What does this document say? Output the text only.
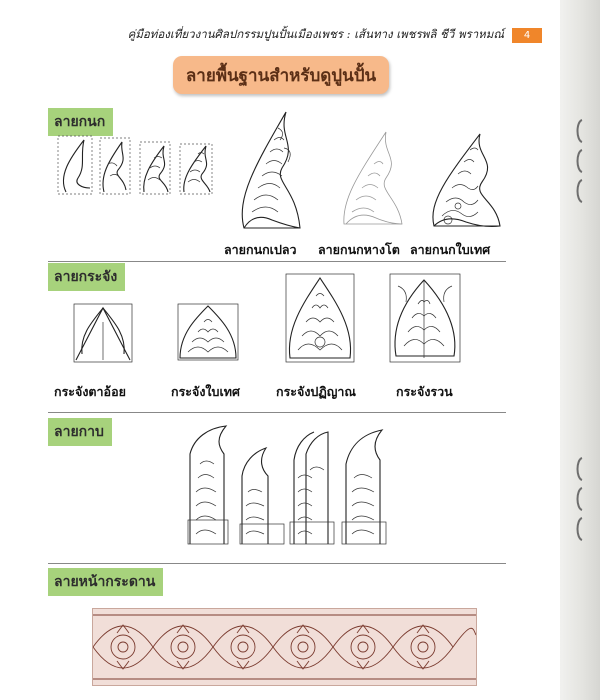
คู่มือท่องเที่ยวงานศิลปกรรมปูนปั้นเมืองเพชร : เส้นทาง เพชรพลิ ชีวี พราหมณ์	4
ลายพื้นฐานสำหรับดูปูนปั้น
ลายกนก
ลายกนกเปลว ลายกนกหางโต ลายกนกใบเทศ
ลายกระจัง
กระจังตาอ้อย	กระจังใบเทศ	กระจังปฏิญาณ	กระจังรวน
ลายกาบ
ลายหน้ากระดาน
